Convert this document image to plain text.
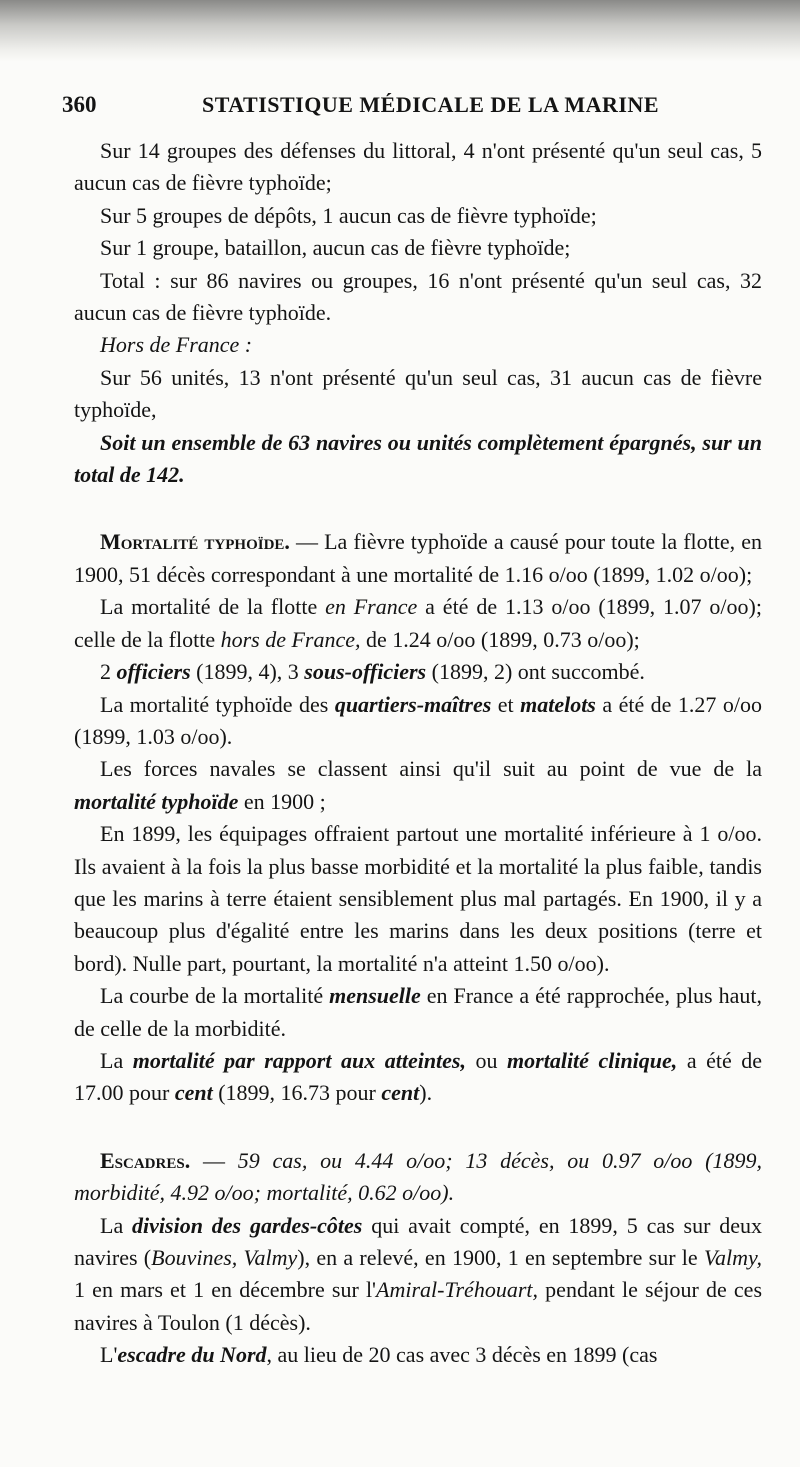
360	STATISTIQUE MÉDICALE DE LA MARINE

Sur 14 groupes des défenses du littoral, 4 n'ont présenté qu'un seul cas, 5 aucun cas de fièvre typhoïde;

Sur 5 groupes de dépôts, 1 aucun cas de fièvre typhoïde;

Sur 1 groupe, bataillon, aucun cas de fièvre typhoïde;

Total : sur 86 navires ou groupes, 16 n'ont présenté qu'un seul cas, 32 aucun cas de fièvre typhoïde.

Hors de France :

Sur 56 unités, 13 n'ont présenté qu'un seul cas, 31 aucun cas de fièvre typhoïde,

Soit un ensemble de 63 navires ou unités complètement épargnés, sur un total de 142.

Mortalité typhoïde. — La fièvre typhoïde a causé pour toute la flotte, en 1900, 51 décès correspondant à une mortalité de 1.16 o/oo (1899, 1.02 o/oo);

La mortalité de la flotte en France a été de 1.13 o/oo (1899, 1.07 o/oo); celle de la flotte hors de France, de 1.24 o/oo (1899, 0.73 o/oo);

2 officiers (1899, 4), 3 sous-officiers (1899, 2) ont succombé.

La mortalité typhoïde des quartiers-maîtres et matelots a été de 1.27 o/oo (1899, 1.03 o/oo).

Les forces navales se classent ainsi qu'il suit au point de vue de la mortalité typhoïde en 1900 ;

En 1899, les équipages offraient partout une mortalité inférieure à 1 o/oo. Ils avaient à la fois la plus basse morbidité et la mortalité la plus faible, tandis que les marins à terre étaient sensiblement plus mal partagés. En 1900, il y a beaucoup plus d'égalité entre les marins dans les deux positions (terre et bord). Nulle part, pourtant, la mortalité n'a atteint 1.50 o/oo).

La courbe de la mortalité mensuelle en France a été rapprochée, plus haut, de celle de la morbidité.

La mortalité par rapport aux atteintes, ou mortalité clinique, a été de 17.00 pour cent (1899, 16.73 pour cent).

Escadres. — 59 cas, ou 4.44 o/oo; 13 décès, ou 0.97 o/oo (1899, morbidité, 4.92 o/oo; mortalité, 0.62 o/oo).

La division des gardes-côtes qui avait compté, en 1899, 5 cas sur deux navires (Bouvines, Valmy), en a relevé, en 1900, 1 en septembre sur le Valmy, 1 en mars et 1 en décembre sur l'Amiral-Tréhouart, pendant le séjour de ces navires à Toulon (1 décès).

L'escadre du Nord, au lieu de 20 cas avec 3 décès en 1899 (cas
